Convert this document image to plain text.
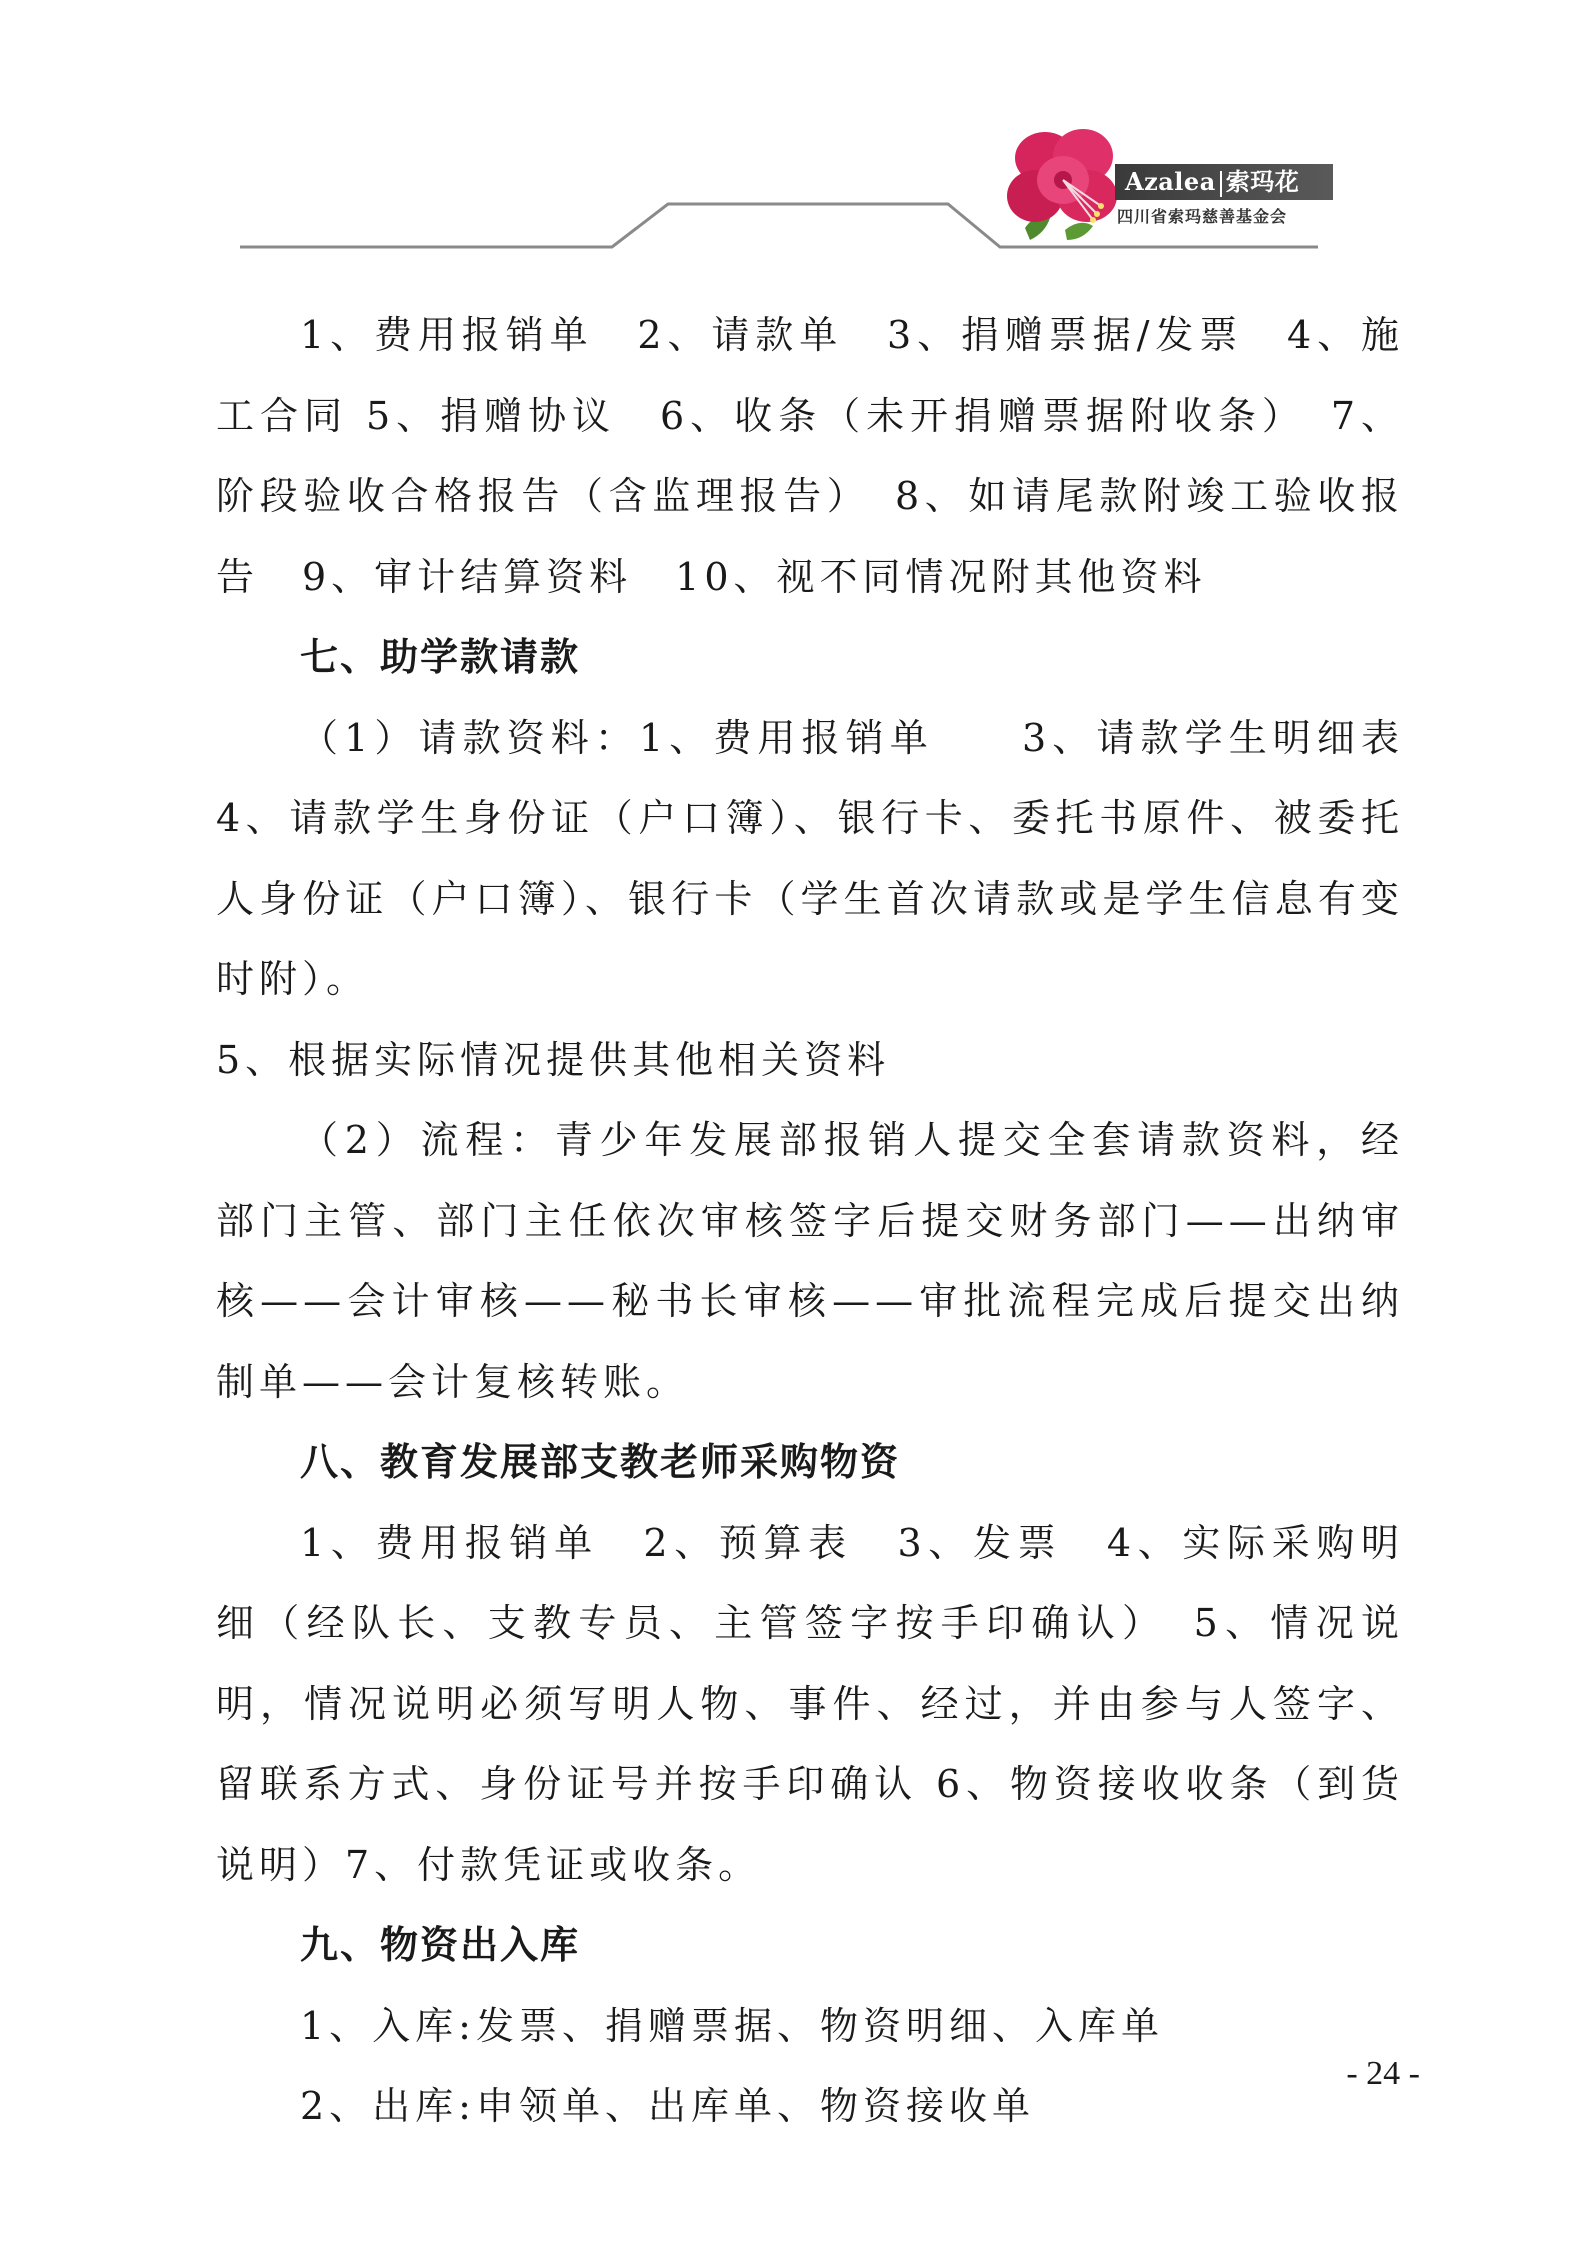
Azalea 索玛花
四川省索玛慈善基金会

1、费用报销单　2、请款单　3、捐赠票据/发票　4、施工合同 5、捐赠协议　6、收条（未开捐赠票据附收条）　7、阶段验收合格报告（含监理报告）　8、如请尾款附竣工验收报告　9、审计结算资料　10、视不同情况附其他资料

七、助学款请款

（1）请款资料：1、费用报销单　　3、请款学生明细表　4、请款学生身份证（户口簿）、银行卡、委托书原件、被委托人身份证（户口簿）、银行卡（学生首次请款或是学生信息有变时附）。

5、根据实际情况提供其他相关资料

（2）流程：青少年发展部报销人提交全套请款资料，经部门主管、部门主任依次审核签字后提交财务部门——出纳审核——会计审核——秘书长审核——审批流程完成后提交出纳制单——会计复核转账。

八、教育发展部支教老师采购物资

1、费用报销单　2、预算表　3、发票　4、实际采购明细（经队长、支教专员、主管签字按手印确认）　5、情况说明，情况说明必须写明人物、事件、经过，并由参与人签字、留联系方式、身份证号并按手印确认 6、物资接收收条（到货说明）7、付款凭证或收条。

九、物资出入库

1、入库:发票、捐赠票据、物资明细、入库单

2、出库:申领单、出库单、物资接收单

- 24 -
